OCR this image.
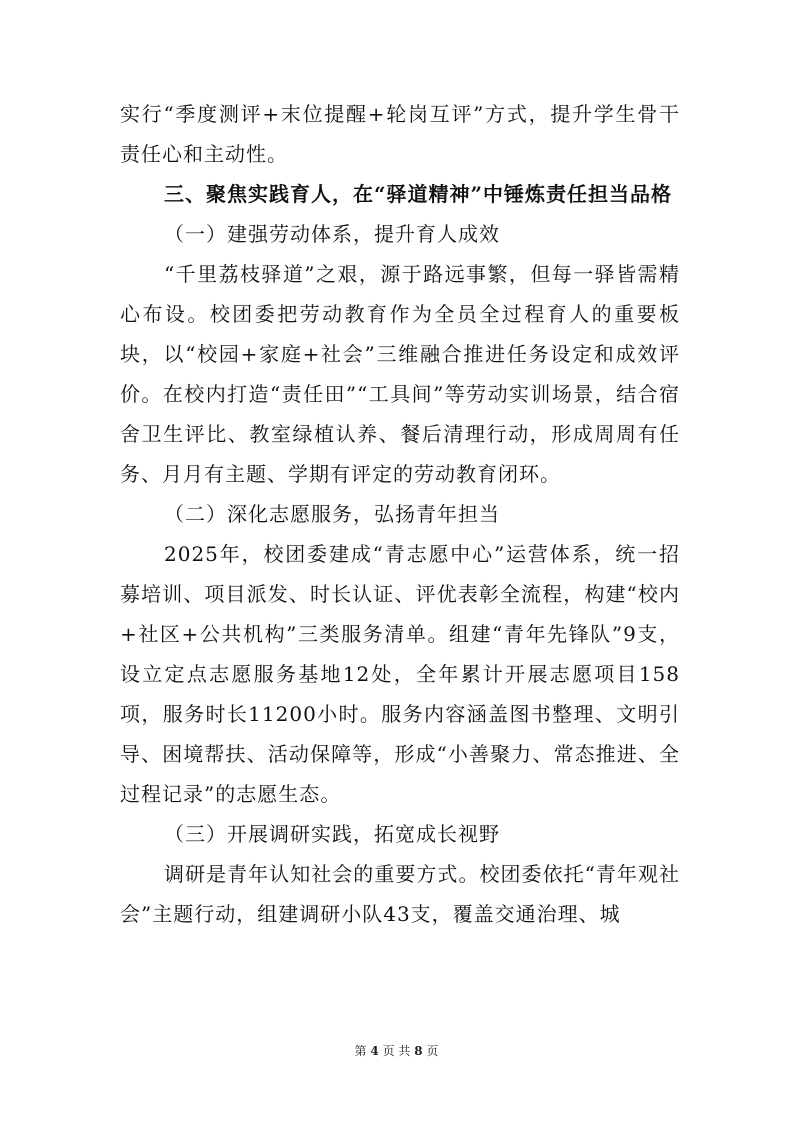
实行“季度测评+末位提醒+轮岗互评”方式，提升学生骨干责任心和主动性。

三、聚焦实践育人，在“驿道精神”中锤炼责任担当品格

（一）建强劳动体系，提升育人成效

“千里荔枝驿道”之艰，源于路远事繁，但每一驿皆需精心布设。校团委把劳动教育作为全员全过程育人的重要板块，以“校园+家庭+社会”三维融合推进任务设定和成效评价。在校内打造“责任田”“工具间”等劳动实训场景，结合宿舍卫生评比、教室绿植认养、餐后清理行动，形成周周有任务、月月有主题、学期有评定的劳动教育闭环。

（二）深化志愿服务，弘扬青年担当

2025年，校团委建成“青志愿中心”运营体系，统一招募培训、项目派发、时长认证、评优表彰全流程，构建“校内+社区+公共机构”三类服务清单。组建“青年先锋队”9支，设立定点志愿服务基地12处，全年累计开展志愿项目158项，服务时长11200小时。服务内容涵盖图书整理、文明引导、困境帮扶、活动保障等，形成“小善聚力、常态推进、全过程记录”的志愿生态。

（三）开展调研实践，拓宽成长视野

调研是青年认知社会的重要方式。校团委依托“青年观社会”主题行动，组建调研小队43支，覆盖交通治理、城

第 4 页 共 8 页
